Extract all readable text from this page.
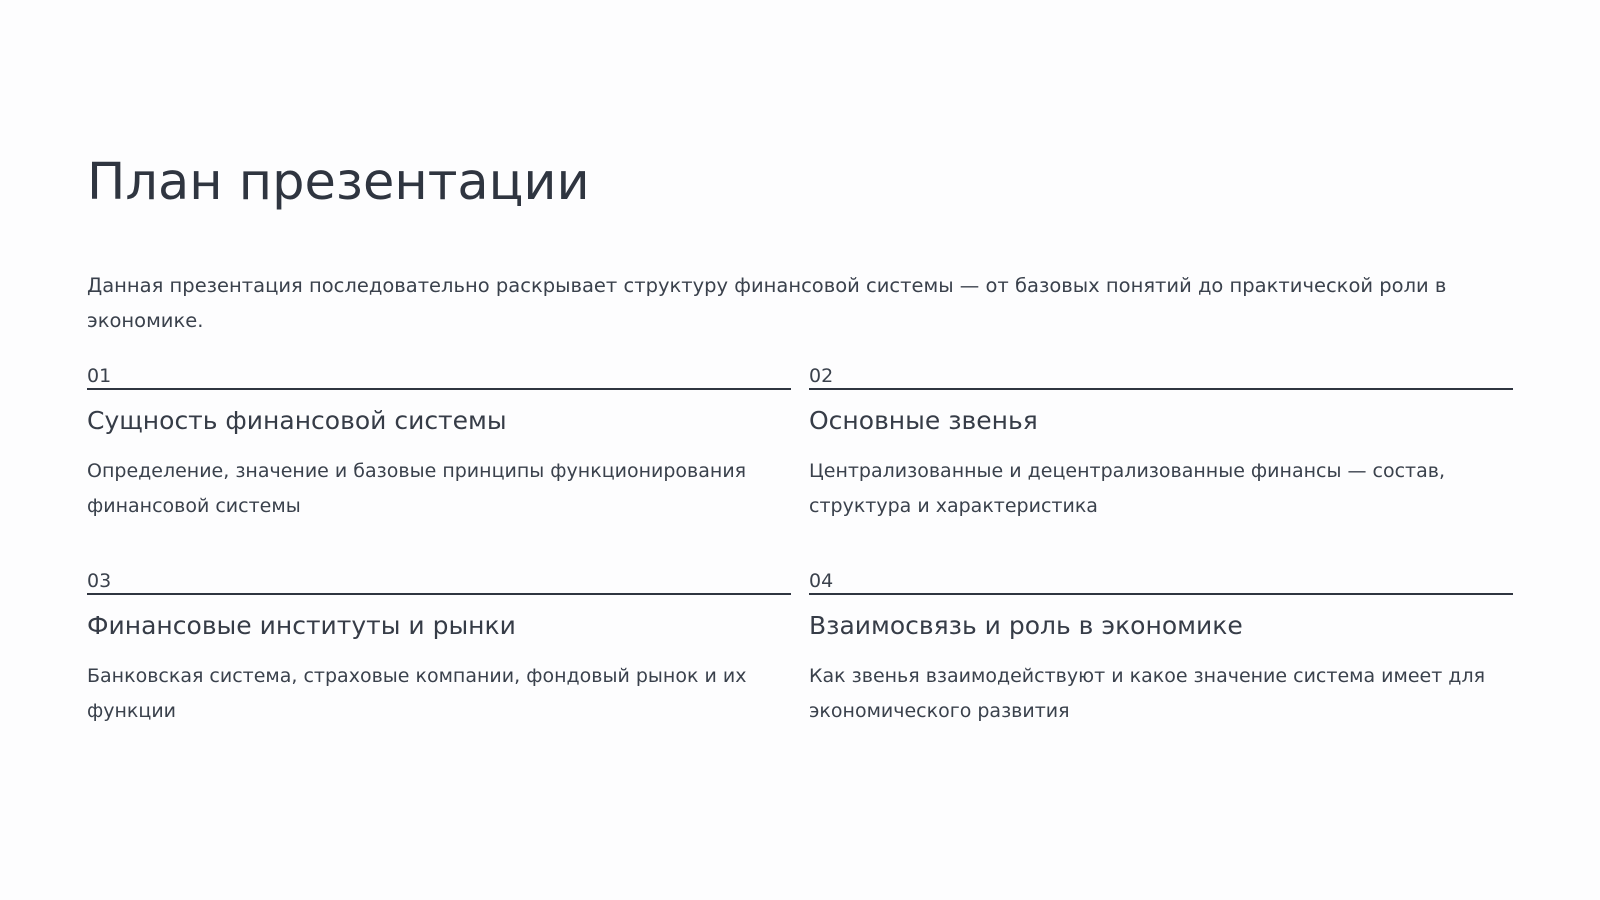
План презентации

Данная презентация последовательно раскрывает структуру финансовой системы — от базовых понятий до практической роли в экономике.

01
Сущность финансовой системы

Определение, значение и базовые принципы функционирования финансовой системы

02
Основные звенья

Централизованные и децентрализованные финансы — состав, структура и характеристика

03
Финансовые институты и рынки

Банковская система, страховые компании, фондовый рынок и их функции

04
Взаимосвязь и роль в экономике

Как звенья взаимодействуют и какое значение система имеет для экономического развития
